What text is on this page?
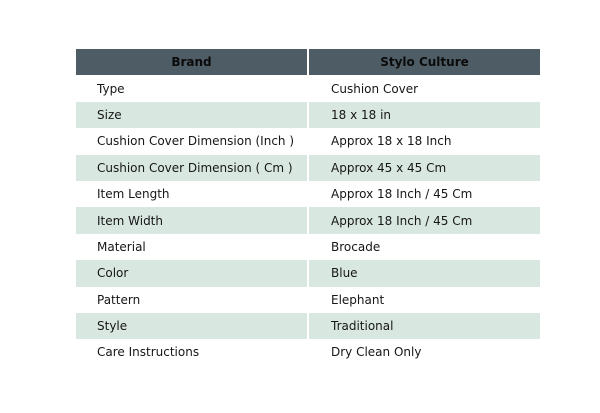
Brand	Stylo Culture
Type	Cushion Cover
Size	18 x 18 in
Cushion Cover Dimension (Inch )	Approx 18 x 18 Inch
Cushion Cover Dimension ( Cm )	Approx 45 x 45 Cm
Item Length	Approx 18 Inch / 45 Cm
Item Width	Approx 18 Inch / 45 Cm
Material	Brocade
Color	Blue
Pattern	Elephant
Style	Traditional
Care Instructions	Dry Clean Only
